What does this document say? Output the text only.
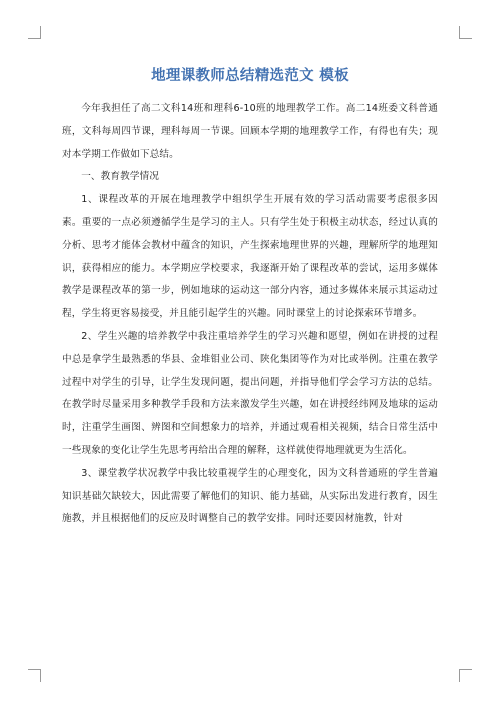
地理课教师总结精选范文 模板

今年我担任了高二文科14班和理科6-10班的地理教学工作。高二14班委文科普通班，文科每周四节课，理科每周一节课。回顾本学期的地理教学工作，有得也有失；现对本学期工作做如下总结。

一、教育教学情况

1、课程改革的开展在地理教学中组织学生开展有效的学习活动需要考虑很多因素。重要的一点必须遵循学生是学习的主人。只有学生处于积极主动状态，经过认真的分析、思考才能体会教材中蕴含的知识，产生探索地理世界的兴趣，理解所学的地理知识，获得相应的能力。本学期应学校要求，我逐渐开始了课程改革的尝试，运用多媒体教学是课程改革的第一步，例如地球的运动这一部分内容，通过多媒体来展示其运动过程，学生将更容易接受，并且能引起学生的兴趣。同时课堂上的讨论探索环节增多。

2、学生兴趣的培养教学中我注重培养学生的学习兴趣和愿望，例如在讲授的过程中总是拿学生最熟悉的华县、金堆钼业公司、陕化集团等作为对比或举例。注重在教学过程中对学生的引导，让学生发现问题，提出问题，并指导他们学会学习方法的总结。在教学时尽量采用多种教学手段和方法来激发学生兴趣，如在讲授经纬网及地球的运动时，注重学生画图、辨图和空间想象力的培养，并通过观看相关视频，结合日常生活中一些现象的变化让学生先思考再给出合理的解释，这样就使得地理就更为生活化。

3、课堂教学状况教学中我比较重视学生的心理变化，因为文科普通班的学生普遍知识基础欠缺较大，因此需要了解他们的知识、能力基础，从实际出发进行教育，因生施教，并且根据他们的反应及时调整自己的教学安排。同时还要因材施教，针对
